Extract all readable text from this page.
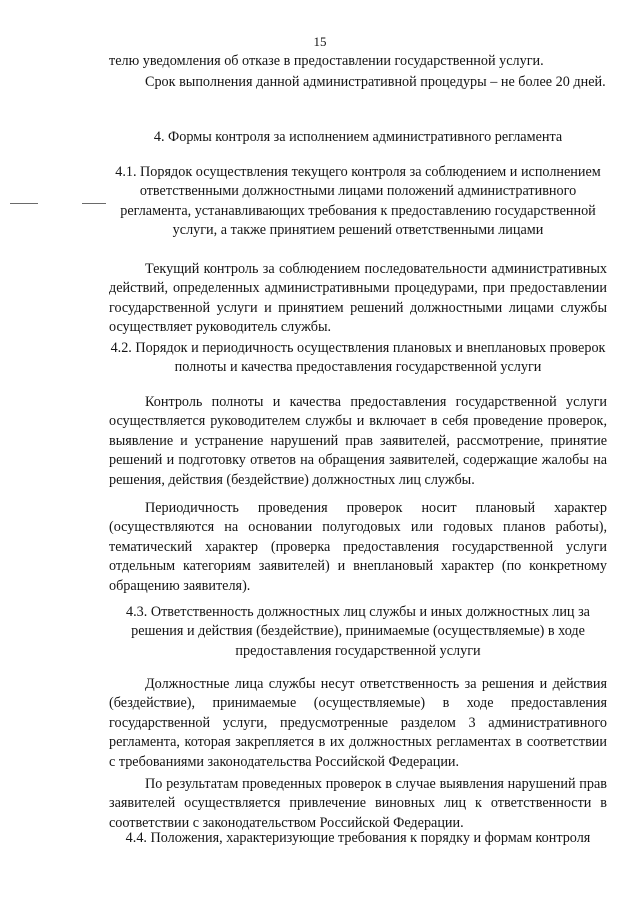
15
телю уведомления об отказе в предоставлении государственной услуги.
Срок выполнения данной административной процедуры – не более 20 дней.
4. Формы контроля за исполнением административного регламента
4.1. Порядок осуществления текущего контроля за соблюдением и исполнением ответственными должностными лицами положений административного регламента, устанавливающих требования к предоставлению государственной услуги, а также принятием решений ответственными лицами
Текущий контроль за соблюдением последовательности административных действий, определенных административными процедурами, при предоставлении государственной услуги и принятием решений должностными лицами службы осуществляет руководитель службы.
4.2. Порядок и периодичность осуществления плановых и внеплановых проверок полноты и качества предоставления государственной услуги
Контроль полноты и качества предоставления государственной услуги осуществляется руководителем службы и включает в себя проведение проверок, выявление и устранение нарушений прав заявителей, рассмотрение, принятие решений и подготовку ответов на обращения заявителей, содержащие жалобы на решения, действия (бездействие) должностных лиц службы.
Периодичность проведения проверок носит плановый характер (осуществляются на основании полугодовых или годовых планов работы), тематический характер (проверка предоставления государственной услуги отдельным категориям заявителей) и внеплановый характер (по конкретному обращению заявителя).
4.3. Ответственность должностных лиц службы и иных должностных лиц за решения и действия (бездействие), принимаемые (осуществляемые) в ходе предоставления государственной услуги
Должностные лица службы несут ответственность за решения и действия (бездействие), принимаемые (осуществляемые) в ходе предоставления государственной услуги, предусмотренные разделом 3 административного регламента, которая закрепляется в их должностных регламентах в соответствии с требованиями законодательства Российской Федерации.
По результатам проведенных проверок в случае выявления нарушений прав заявителей осуществляется привлечение виновных лиц к ответственности в соответствии с законодательством Российской Федерации.
4.4. Положения, характеризующие требования к порядку и формам контроля
